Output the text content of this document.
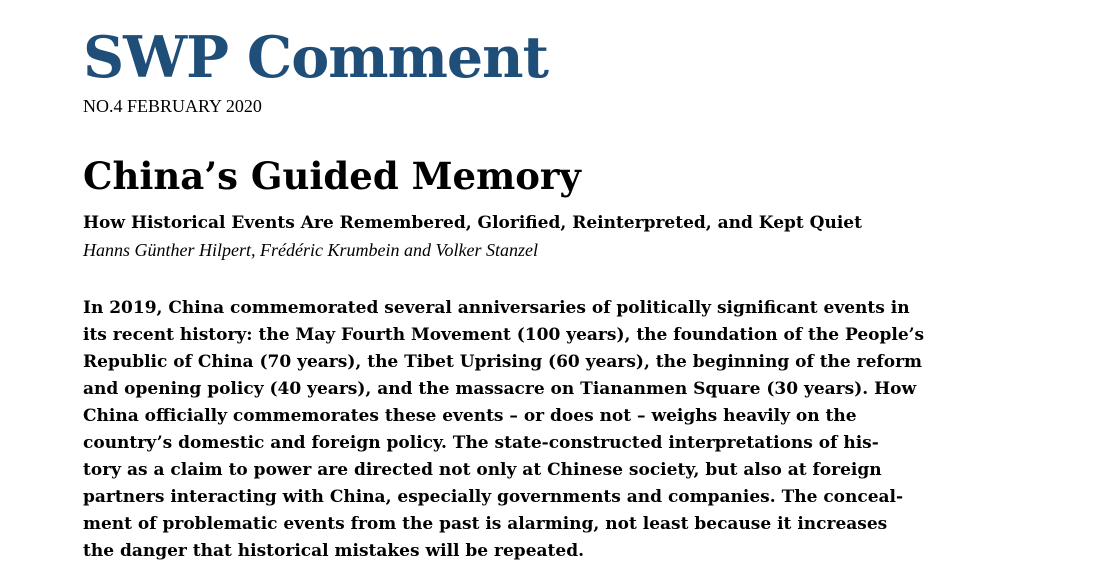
SWP Comment

NO.4 FEBRUARY 2020

China’s Guided Memory

How Historical Events Are Remembered, Glorified, Reinterpreted, and Kept Quiet

Hanns Günther Hilpert, Frédéric Krumbein and Volker Stanzel

In 2019, China commemorated several anniversaries of politically significant events in
its recent history: the May Fourth Movement (100 years), the foundation of the People’s
Republic of China (70 years), the Tibet Uprising (60 years), the beginning of the reform
and opening policy (40 years), and the massacre on Tiananmen Square (30 years). How
China officially commemorates these events – or does not – weighs heavily on the
country’s domestic and foreign policy. The state-constructed interpretations of his-
tory as a claim to power are directed not only at Chinese society, but also at foreign
partners interacting with China, especially governments and companies. The conceal-
ment of problematic events from the past is alarming, not least because it increases
the danger that historical mistakes will be repeated.
